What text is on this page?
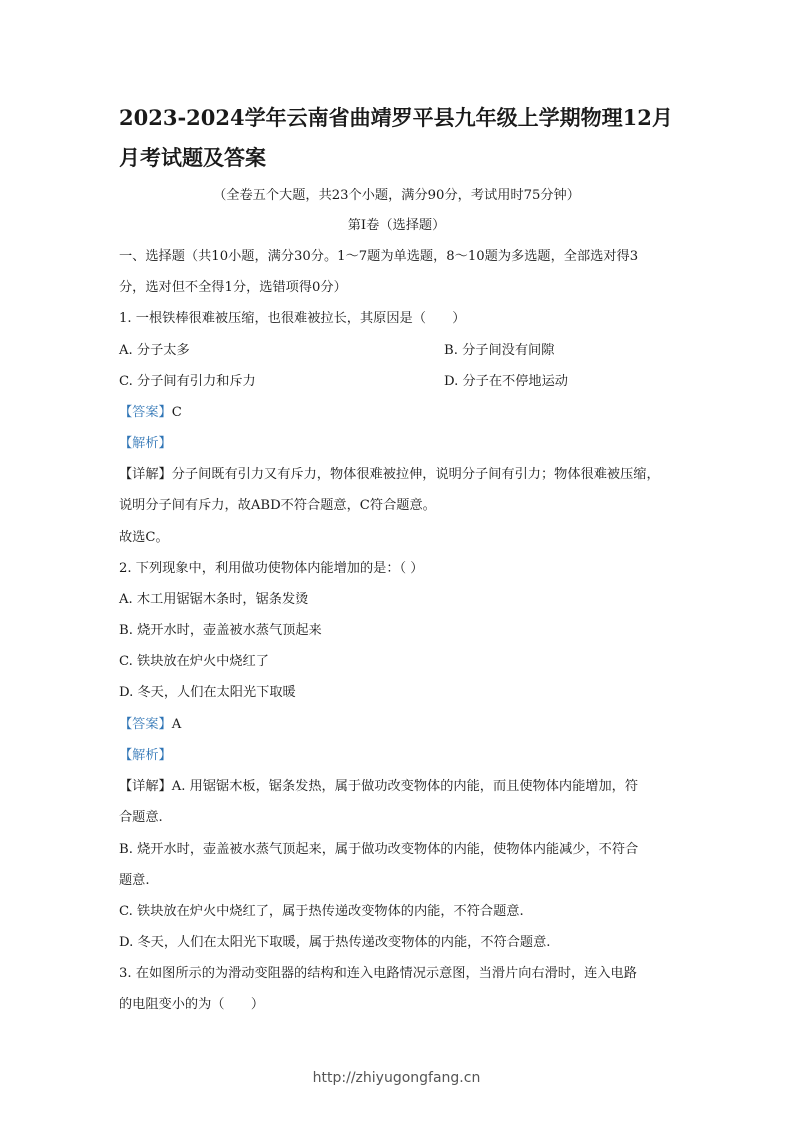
2023-2024学年云南省曲靖罗平县九年级上学期物理12月
月考试题及答案
（全卷五个大题，共23个小题，满分90分，考试用时75分钟）
第Ⅰ卷（选择题）
一、选择题（共10小题，满分30分。1～7题为单选题，8～10题为多选题，全部选对得3
分，选对但不全得1分，选错项得0分）
1. 一根铁棒很难被压缩，也很难被拉长，其原因是（　　）
A. 分子太多	B. 分子间没有间隙
C. 分子间有引力和斥力	D. 分子在不停地运动
【答案】C
【解析】
【详解】分子间既有引力又有斥力，物体很难被拉伸，说明分子间有引力；物体很难被压缩，
说明分子间有斥力，故ABD不符合题意，C符合题意。
故选C。
2. 下列现象中，利用做功使物体内能增加的是：（ ）
A. 木工用锯锯木条时，锯条发烫
B. 烧开水时，壶盖被水蒸气顶起来
C. 铁块放在炉火中烧红了
D. 冬天，人们在太阳光下取暖
【答案】A
【解析】
【详解】A. 用锯锯木板，锯条发热，属于做功改变物体的内能，而且使物体内能增加，符
合题意.
B. 烧开水时，壶盖被水蒸气顶起来，属于做功改变物体的内能，使物体内能减少，不符合
题意.
C. 铁块放在炉火中烧红了，属于热传递改变物体的内能，不符合题意.
D. 冬天，人们在太阳光下取暖，属于热传递改变物体的内能，不符合题意.
3. 在如图所示的为滑动变阻器的结构和连入电路情况示意图，当滑片向右滑时，连入电路
的电阻变小的为（　　）
http://zhiyugongfang.cn
